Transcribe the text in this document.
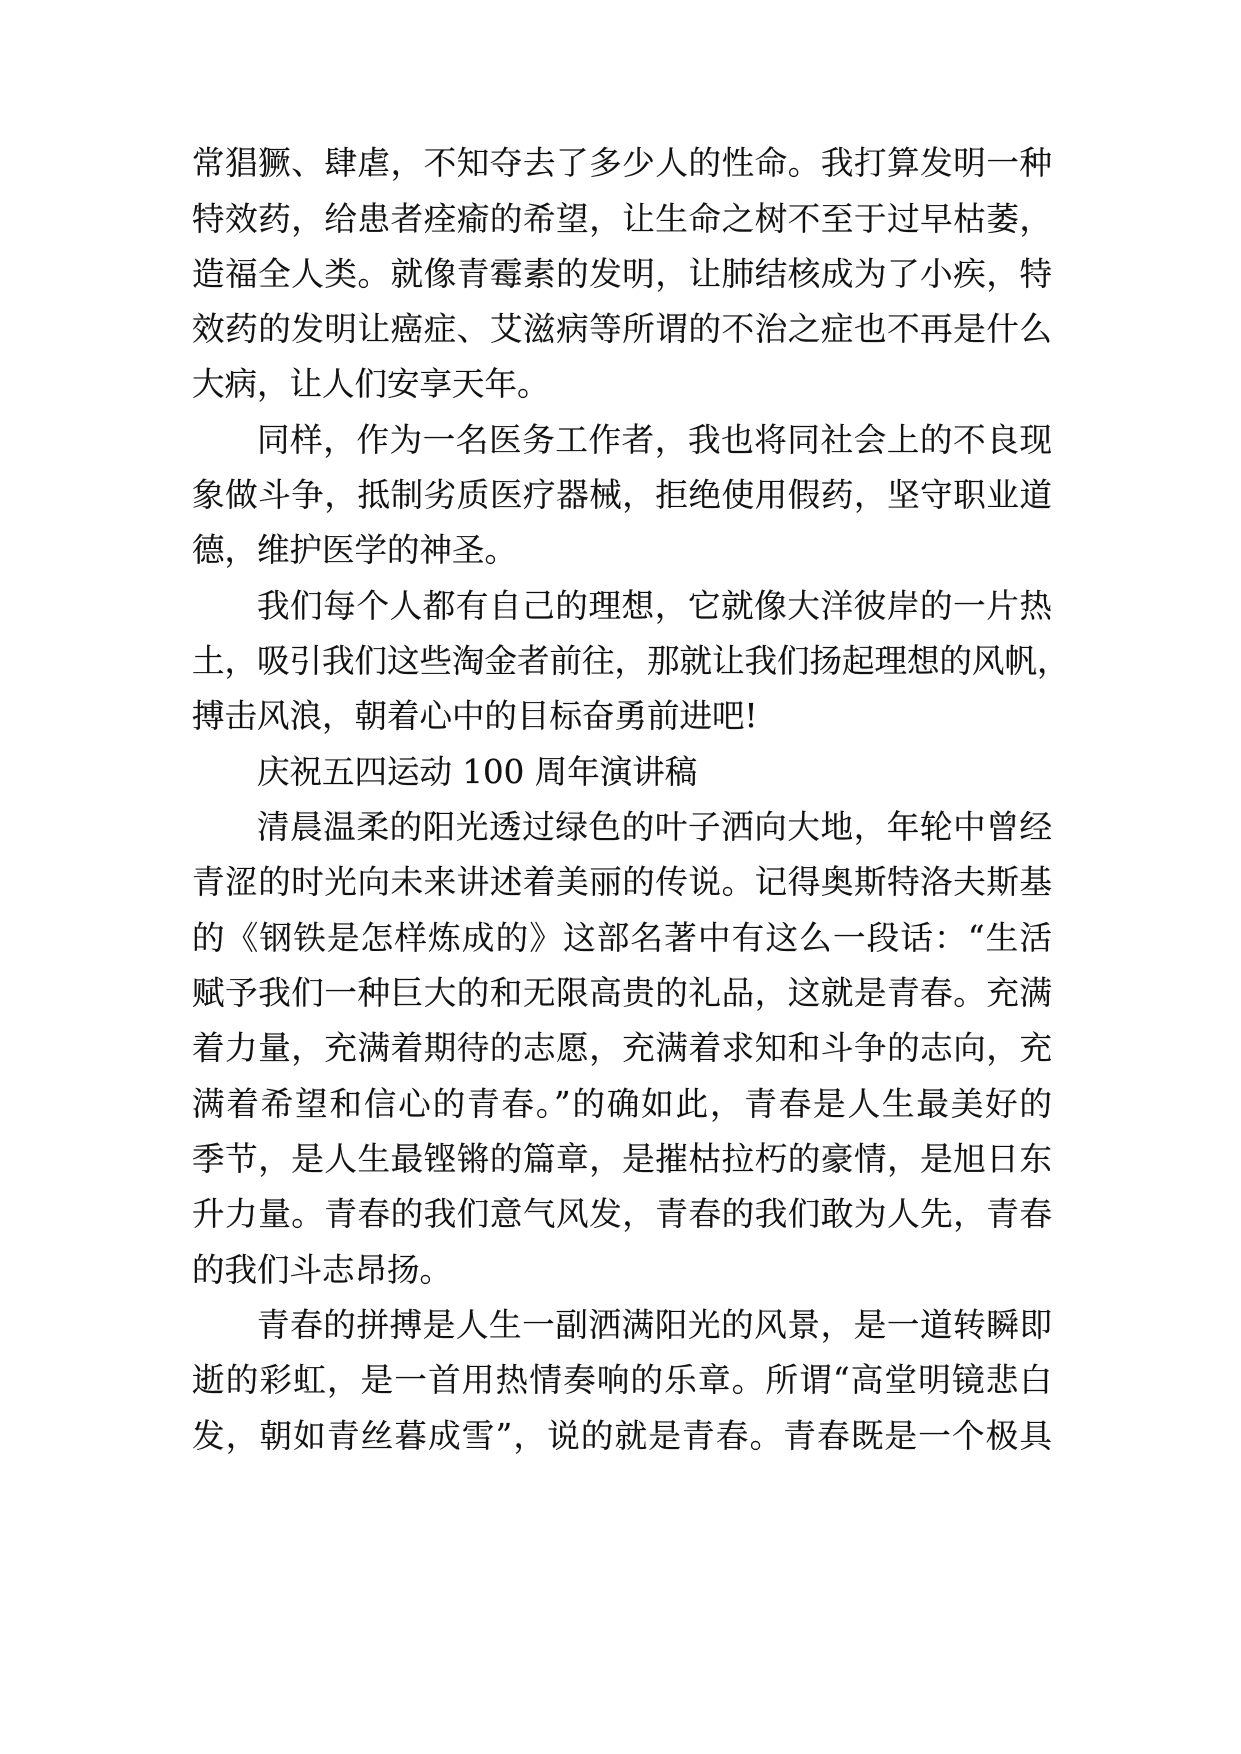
常猖獗、肆虐，不知夺去了多少人的性命。我打算发明一种
特效药，给患者痊瘉的希望，让生命之树不至于过早枯萎，
造福全人类。就像青霉素的发明，让肺结核成为了小疾，特
效药的发明让癌症、艾滋病等所谓的不治之症也不再是什么
大病，让人们安享天年。
同样，作为一名医务工作者，我也将同社会上的不良现
象做斗争，抵制劣质医疗器械，拒绝使用假药，坚守职业道
德，维护医学的神圣。
我们每个人都有自己的理想，它就像大洋彼岸的一片热
土，吸引我们这些淘金者前往，那就让我们扬起理想的风帆，
搏击风浪，朝着心中的目标奋勇前进吧!
庆祝五四运动 100 周年演讲稿
清晨温柔的阳光透过绿色的叶子洒向大地，年轮中曾经
青涩的时光向未来讲述着美丽的传说。记得奥斯特洛夫斯基
的《钢铁是怎样炼成的》这部名著中有这么一段话：“生活
赋予我们一种巨大的和无限高贵的礼品，这就是青春。充满
着力量，充满着期待的志愿，充满着求知和斗争的志向，充
满着希望和信心的青春。”的确如此，青春是人生最美好的
季节，是人生最铿锵的篇章，是摧枯拉朽的豪情，是旭日东
升力量。青春的我们意气风发，青春的我们敢为人先，青春
的我们斗志昂扬。
青春的拼搏是人生一副洒满阳光的风景，是一道转瞬即
逝的彩虹，是一首用热情奏响的乐章。所谓“高堂明镜悲白
发，朝如青丝暮成雪”，说的就是青春。青春既是一个极具
